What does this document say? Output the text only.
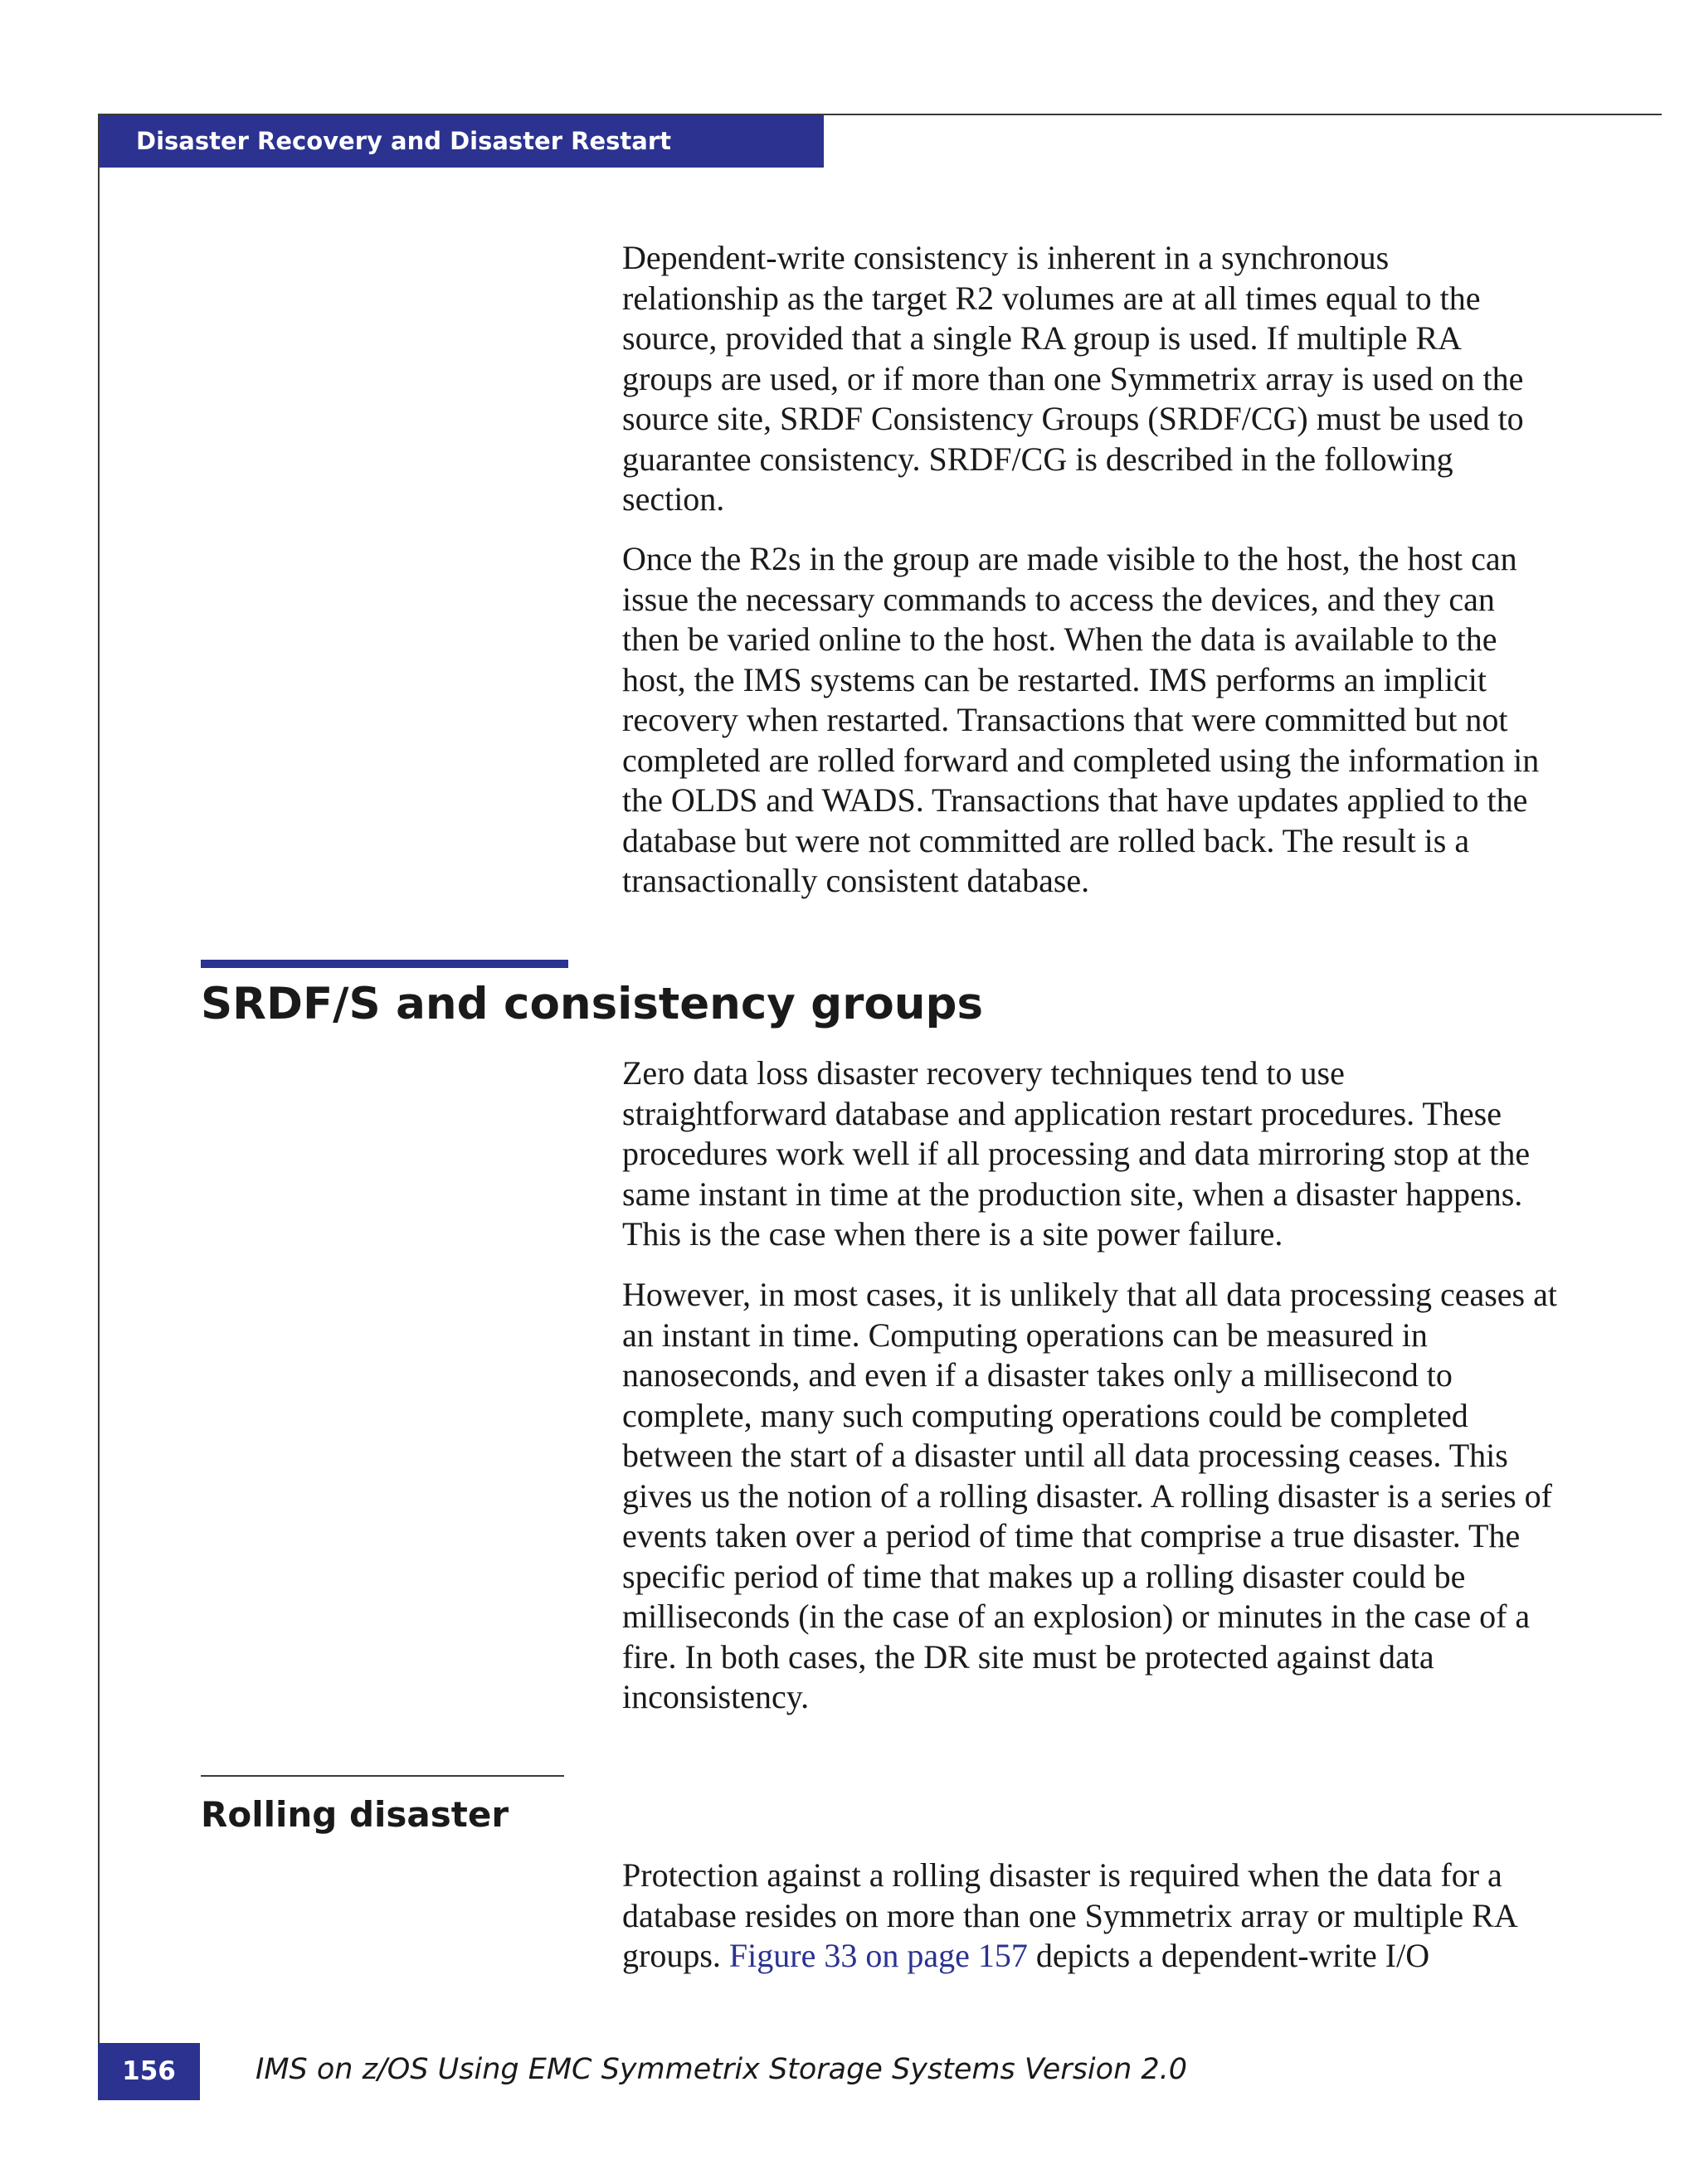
Disaster Recovery and Disaster Restart

Dependent-write consistency is inherent in a synchronous
relationship as the target R2 volumes are at all times equal to the
source, provided that a single RA group is used. If multiple RA
groups are used, or if more than one Symmetrix array is used on the
source site, SRDF Consistency Groups (SRDF/CG) must be used to
guarantee consistency. SRDF/CG is described in the following
section.

Once the R2s in the group are made visible to the host, the host can
issue the necessary commands to access the devices, and they can
then be varied online to the host. When the data is available to the
host, the IMS systems can be restarted. IMS performs an implicit
recovery when restarted. Transactions that were committed but not
completed are rolled forward and completed using the information in
the OLDS and WADS. Transactions that have updates applied to the
database but were not committed are rolled back. The result is a
transactionally consistent database.

SRDF/S and consistency groups

Zero data loss disaster recovery techniques tend to use
straightforward database and application restart procedures. These
procedures work well if all processing and data mirroring stop at the
same instant in time at the production site, when a disaster happens.
This is the case when there is a site power failure.

However, in most cases, it is unlikely that all data processing ceases at
an instant in time. Computing operations can be measured in
nanoseconds, and even if a disaster takes only a millisecond to
complete, many such computing operations could be completed
between the start of a disaster until all data processing ceases. This
gives us the notion of a rolling disaster. A rolling disaster is a series of
events taken over a period of time that comprise a true disaster. The
specific period of time that makes up a rolling disaster could be
milliseconds (in the case of an explosion) or minutes in the case of a
fire. In both cases, the DR site must be protected against data
inconsistency.

Rolling disaster

Protection against a rolling disaster is required when the data for a
database resides on more than one Symmetrix array or multiple RA
groups. Figure 33 on page 157 depicts a dependent-write I/O

156	IMS on z/OS Using EMC Symmetrix Storage Systems Version 2.0
